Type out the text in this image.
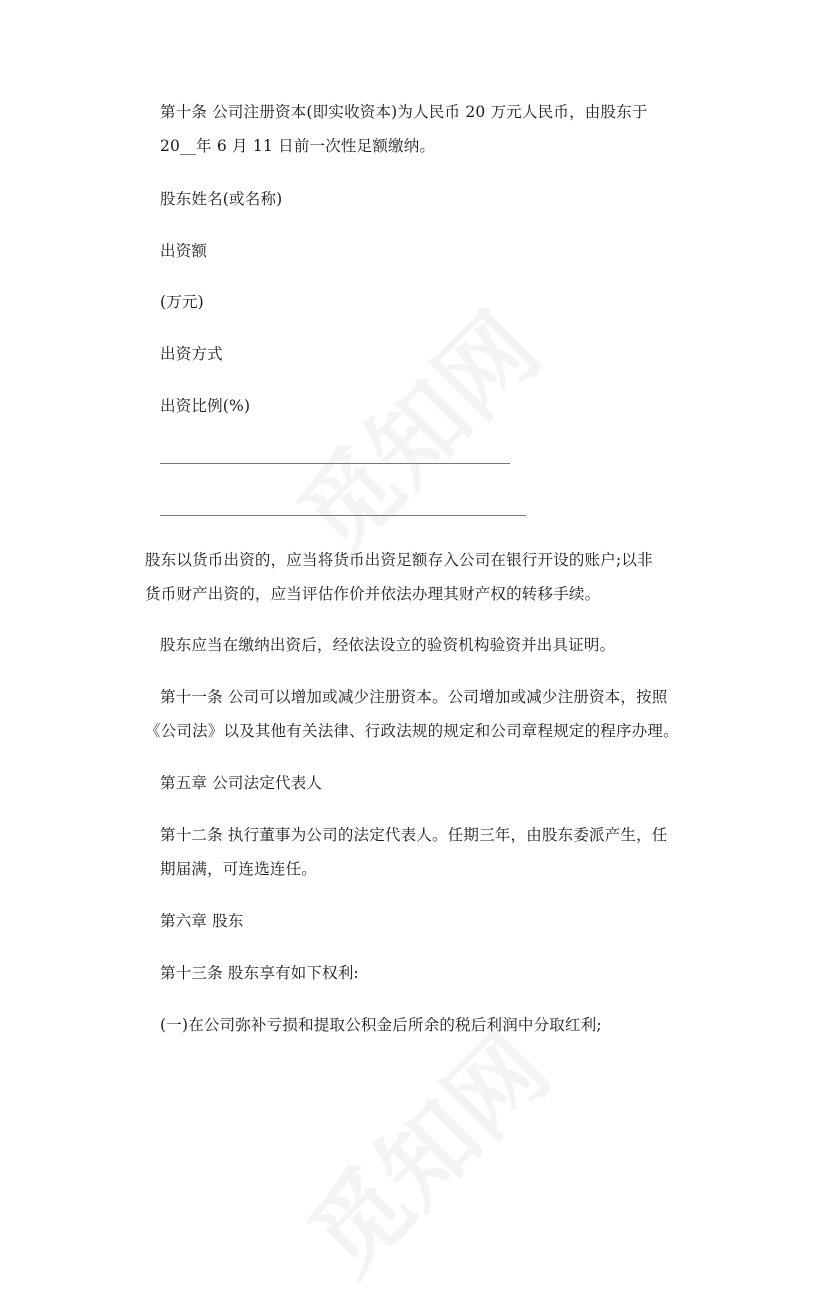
第十条 公司注册资本(即实收资本)为人民币 20 万元人民币，由股东于
20__年 6 月 11 日前一次性足额缴纳。
股东姓名(或名称)
出资额
(万元)
出资方式
出资比例(%)
股东以货币出资的，应当将货币出资足额存入公司在银行开设的账户;以非
货币财产出资的，应当评估作价并依法办理其财产权的转移手续。
股东应当在缴纳出资后，经依法设立的验资机构验资并出具证明。
第十一条 公司可以增加或减少注册资本。公司增加或减少注册资本，按照
《公司法》以及其他有关法律、行政法规的规定和公司章程规定的程序办理。
第五章 公司法定代表人
第十二条 执行董事为公司的法定代表人。任期三年，由股东委派产生，任
期届满，可连选连任。
第六章 股东
第十三条 股东享有如下权利:
(一)在公司弥补亏损和提取公积金后所余的税后利润中分取红利;
